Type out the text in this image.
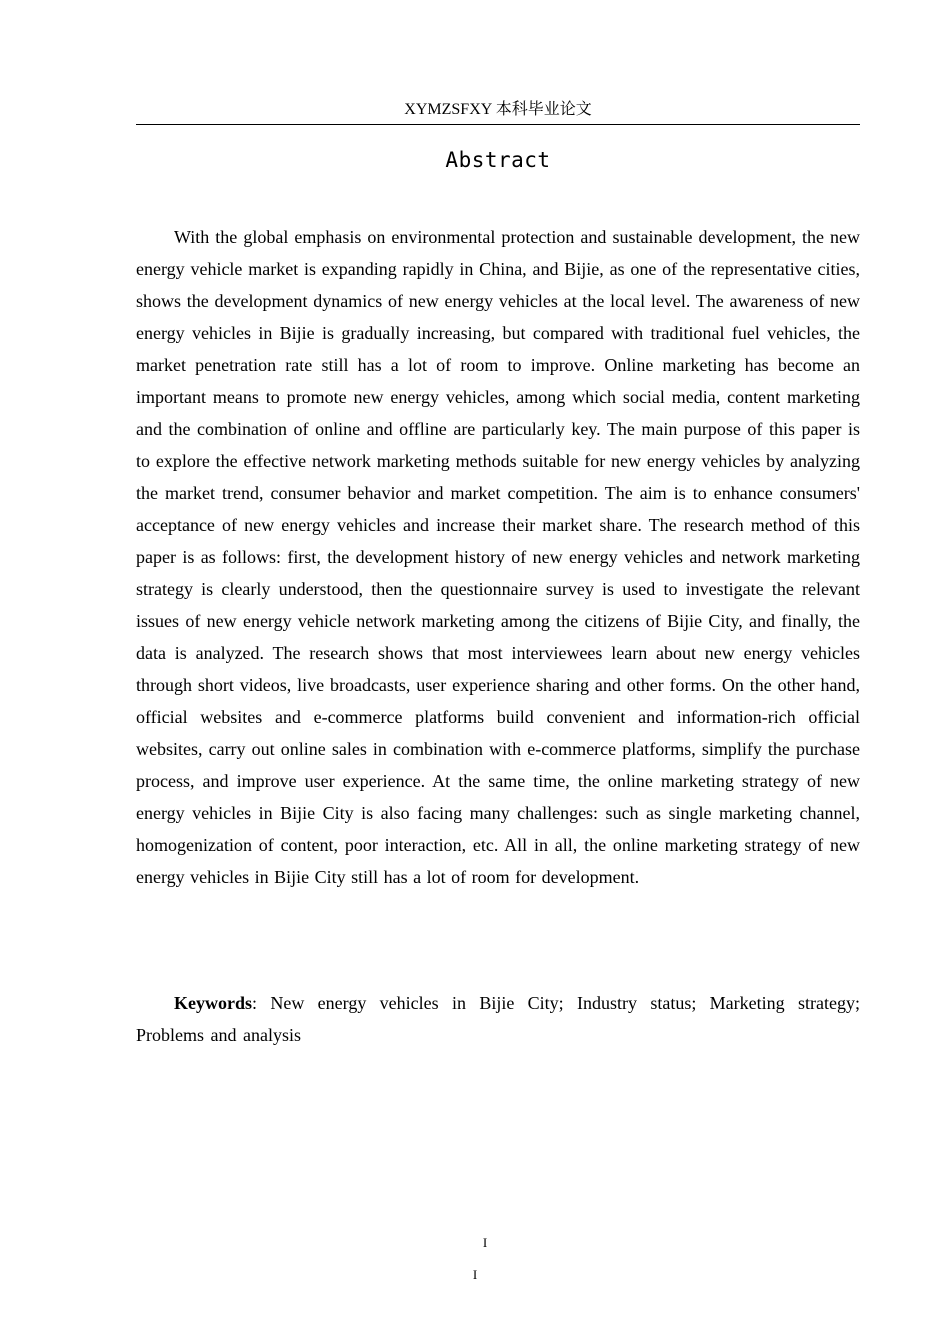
XYMZSFXY 本科毕业论文
Abstract

With the global emphasis on environmental protection and sustainable development, the new energy vehicle market is expanding rapidly in China, and Bijie, as one of the representative cities, shows the development dynamics of new energy vehicles at the local level. The awareness of new energy vehicles in Bijie is gradually increasing, but compared with traditional fuel vehicles, the market penetration rate still has a lot of room to improve. Online marketing has become an important means to promote new energy vehicles, among which social media, content marketing and the combination of online and offline are particularly key. The main purpose of this paper is to explore the effective network marketing methods suitable for new energy vehicles by analyzing the market trend, consumer behavior and market competition. The aim is to enhance consumers' acceptance of new energy vehicles and increase their market share. The research method of this paper is as follows: first, the development history of new energy vehicles and network marketing strategy is clearly understood, then the questionnaire survey is used to investigate the relevant issues of new energy vehicle network marketing among the citizens of Bijie City, and finally, the data is analyzed. The research shows that most interviewees learn about new energy vehicles through short videos, live broadcasts, user experience sharing and other forms. On the other hand, official websites and e-commerce platforms build convenient and information-rich official websites, carry out online sales in combination with e-commerce platforms, simplify the purchase process, and improve user experience. At the same time, the online marketing strategy of new energy vehicles in Bijie City is also facing many challenges: such as single marketing channel, homogenization of content, poor interaction, etc. All in all, the online marketing strategy of new energy vehicles in Bijie City still has a lot of room for development.

Keywords: New energy vehicles in Bijie City; Industry status; Marketing strategy; Problems and analysis

I
I
